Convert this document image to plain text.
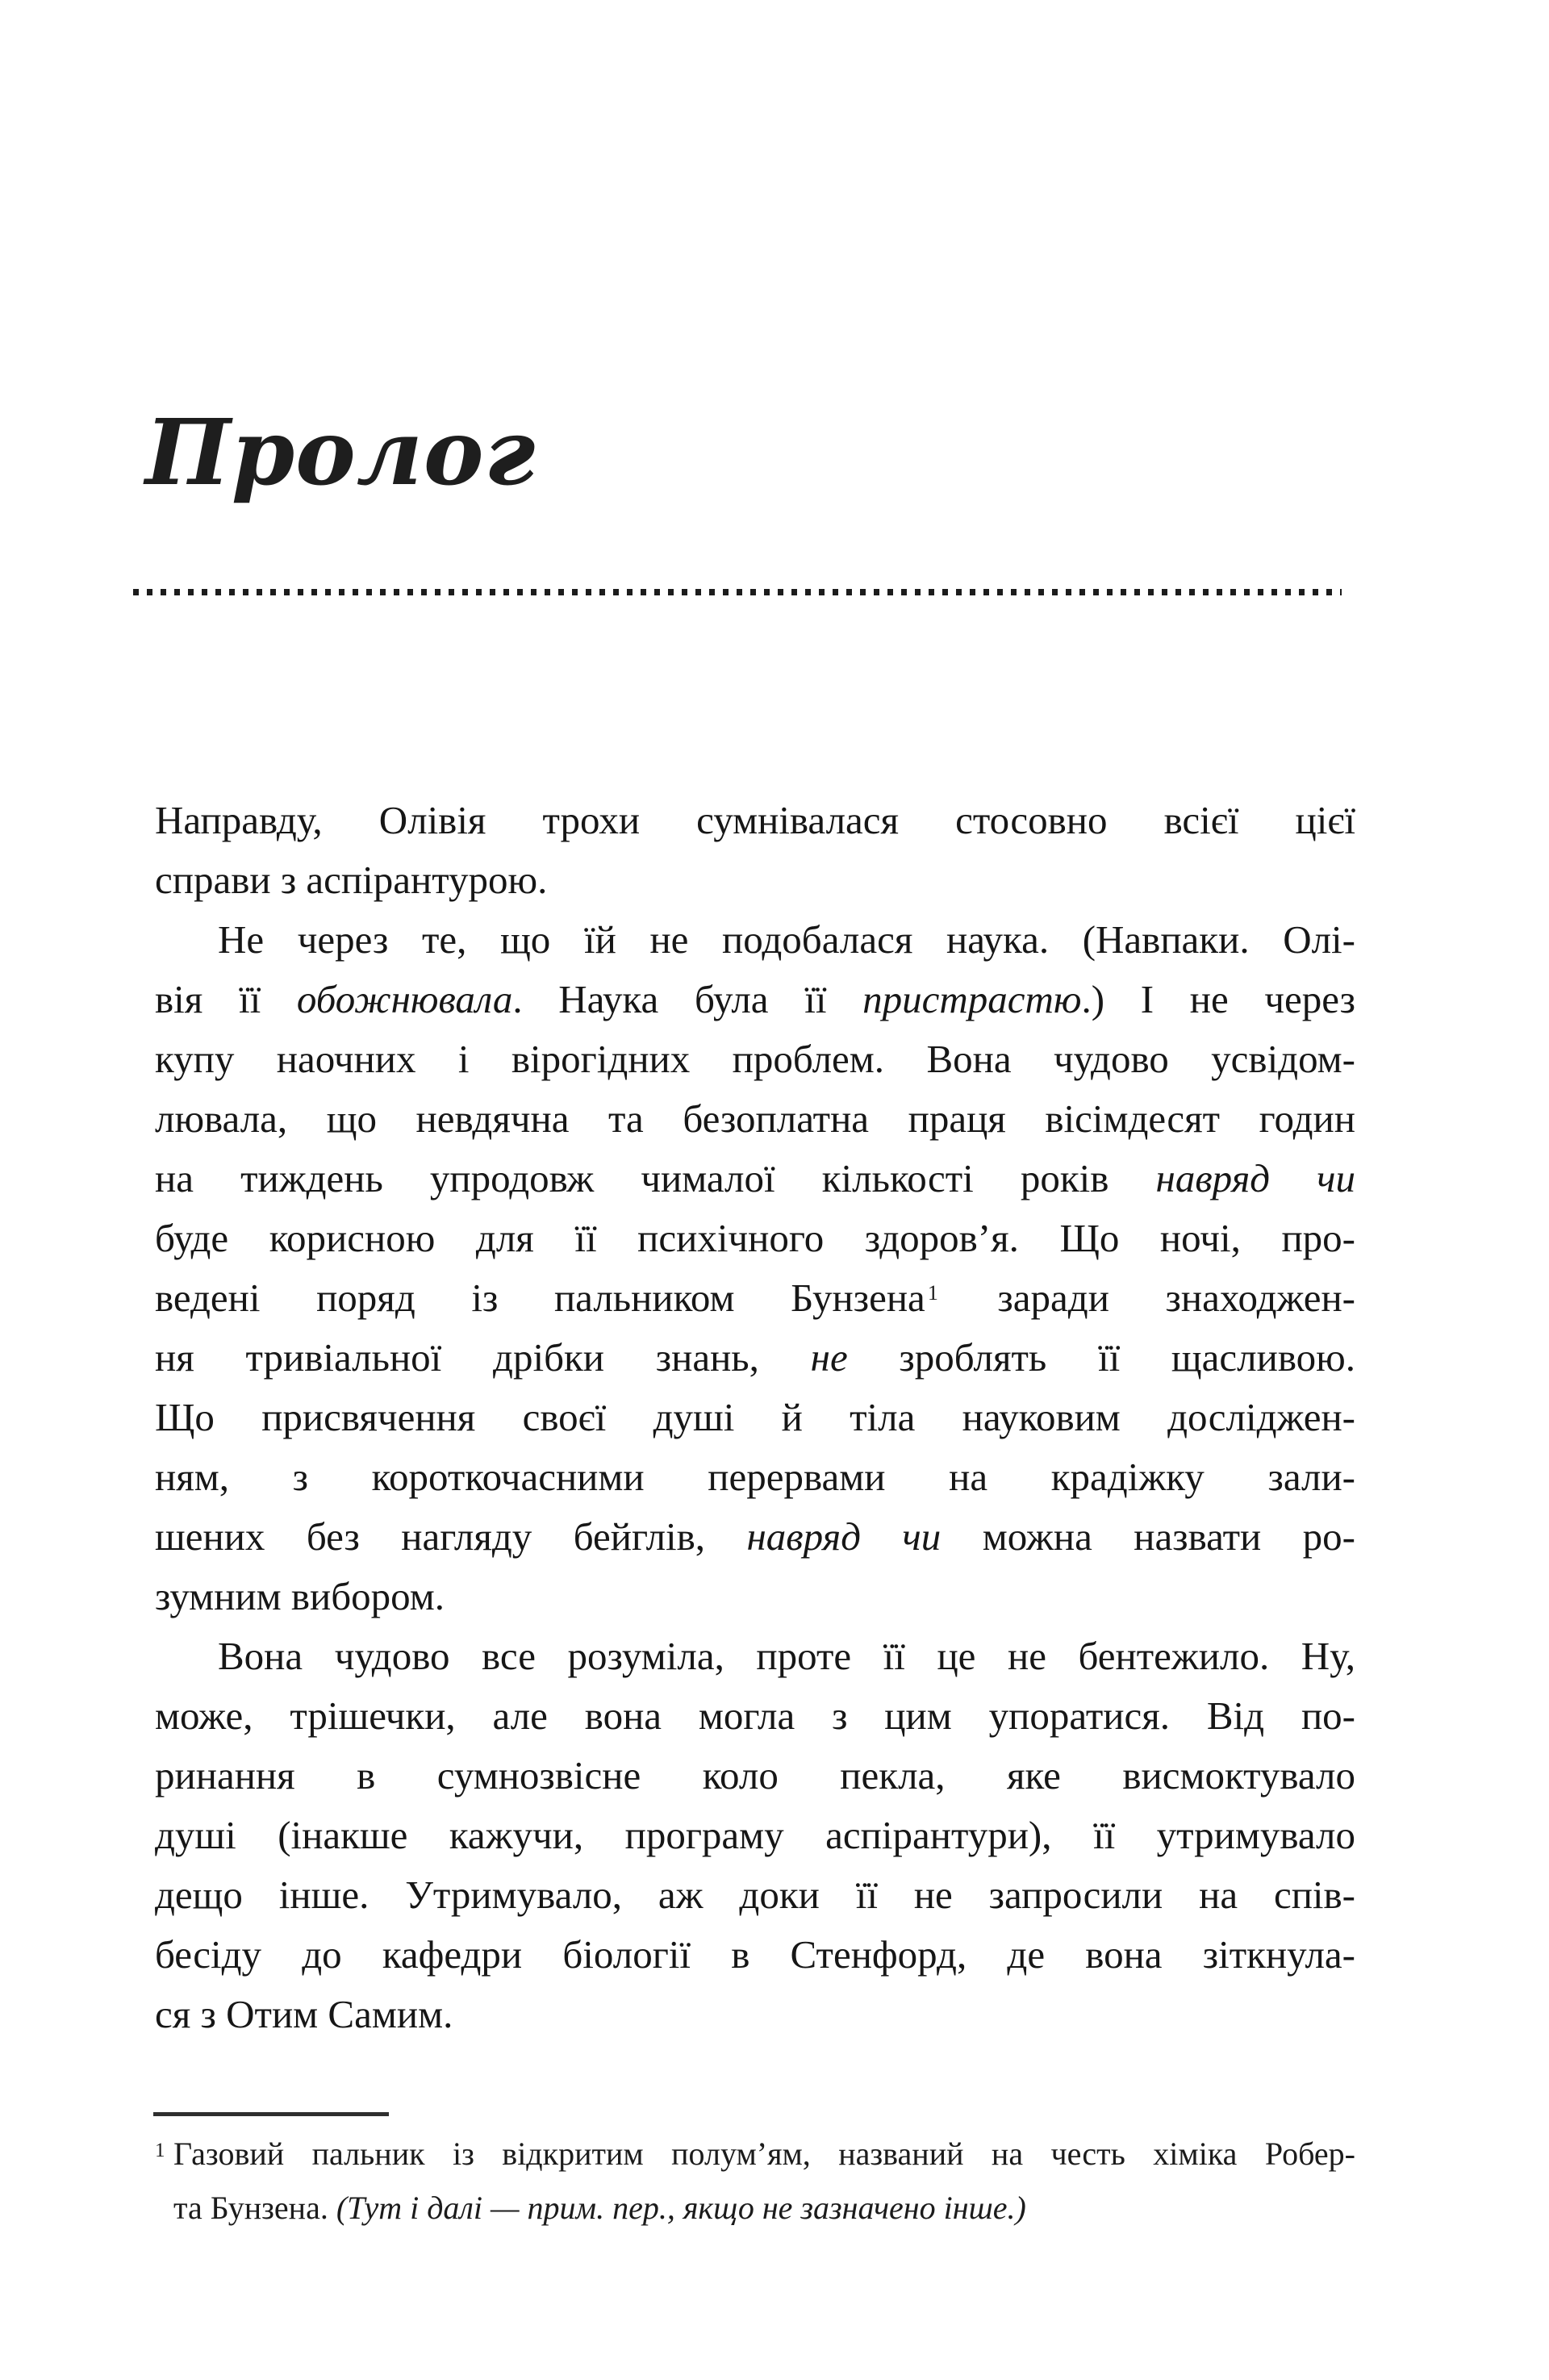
Пролог
Направду, Олівія трохи сумнівалася стосовно всієї цієї
справи з аспірантурою.
Не через те, що їй не подобалася наука. (Навпаки. Олі-
вія її обожнювала. Наука була її пристрастю.) І не через
купу наочних і вірогідних проблем. Вона чудово усвідом-
лювала, що невдячна та безоплатна праця вісімдесят годин
на тиждень упродовж чималої кількості років навряд чи
буде корисною для її психічного здоров’я. Що ночі, про-
ведені поряд із пальником Бунзена $^1$ заради знаходжен-
ня тривіальної дрібки знань, не зроблять її щасливою.
Що присвячення своєї душі й тіла науковим досліджен-
ням, з короткочасними перервами на крадіжку зали-
шених без нагляду бейглів, навряд чи можна назвати ро-
зумним вибором.
Вона чудово все розуміла, проте її це не бентежило. Ну,
може, трішечки, але вона могла з цим упоратися. Від по-
ринання в сумнозвісне коло пекла, яке висмоктувало
душі (інакше кажучи, програму аспірантури), її утримувало
дещо інше. Утримувало, аж доки її не запросили на спів-
бесіду до кафедри біології в Стенфорд, де вона зіткнула-
ся з Отим Самим.
1 Газовий пальник із відкритим полум’ям, названий на честь хіміка Робер-
та Бунзена. (Тут і далі — прим. пер., якщо не зазначено інше.)
